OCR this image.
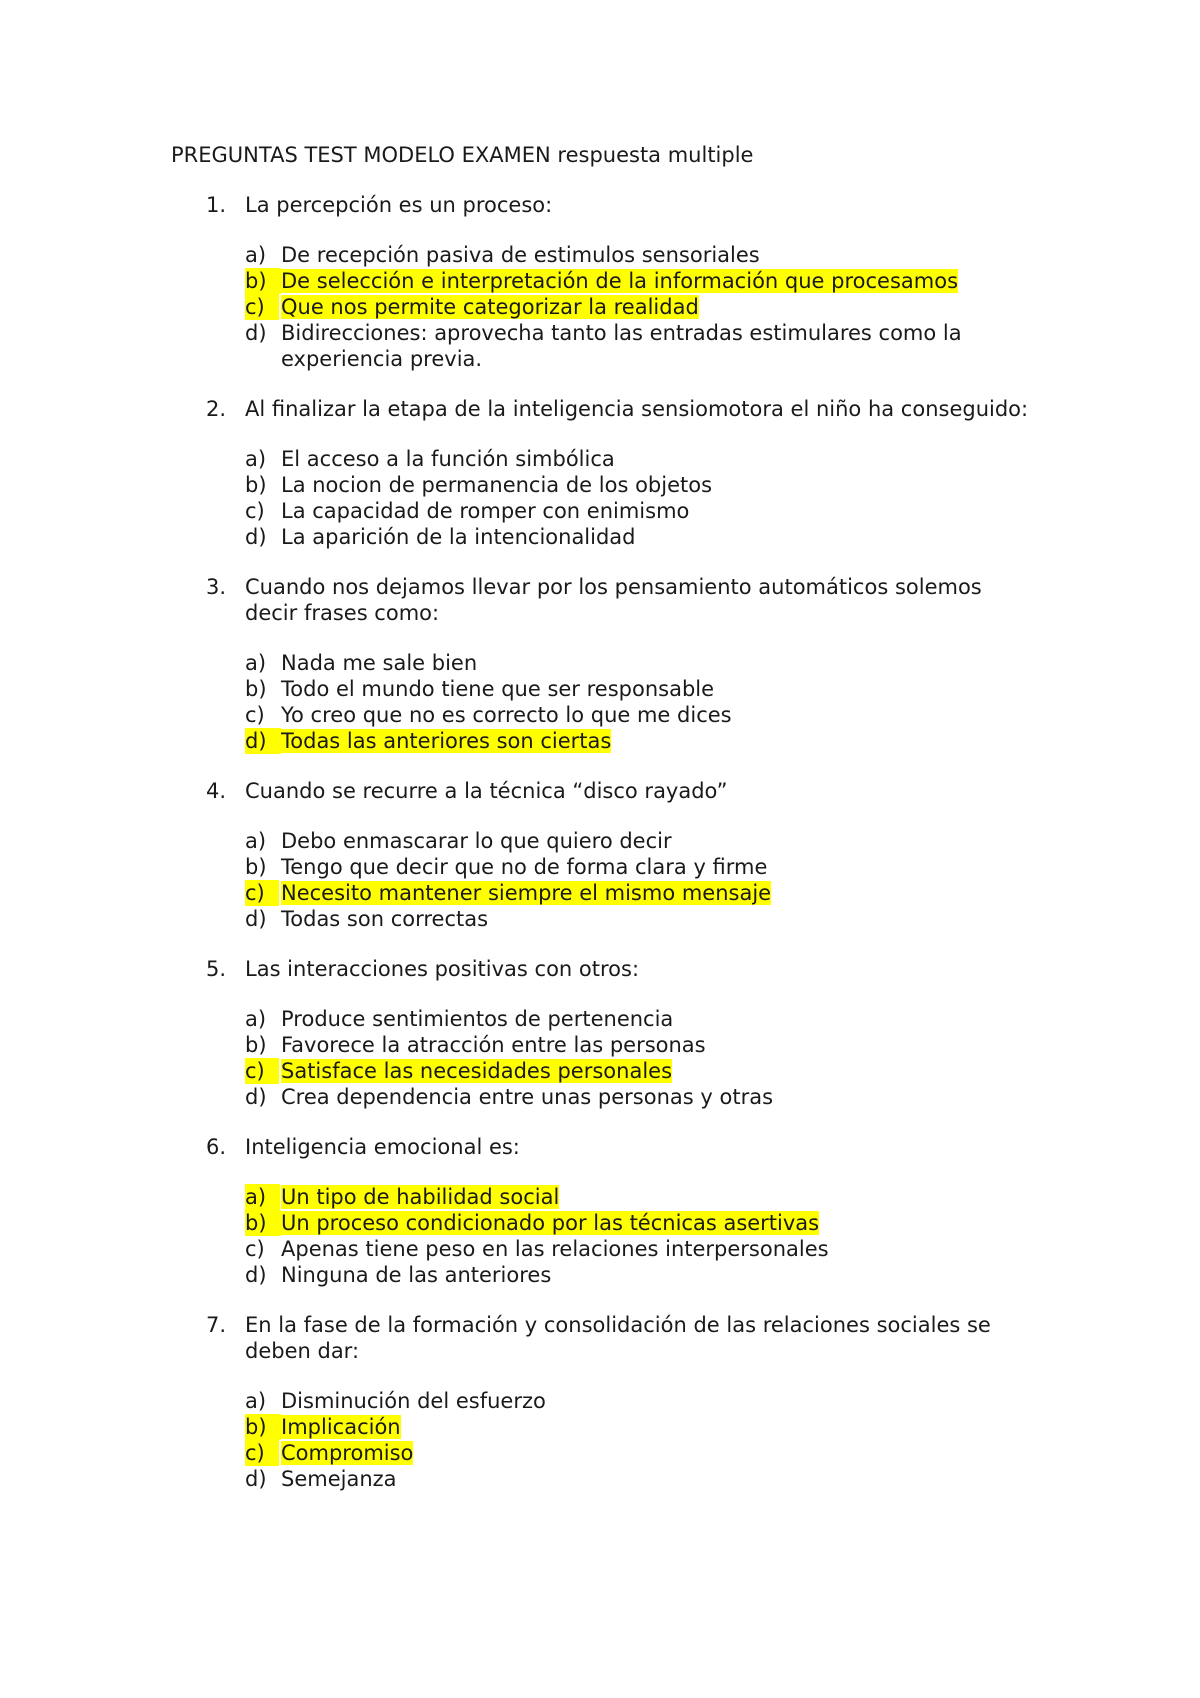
PREGUNTAS TEST MODELO EXAMEN respuesta multiple
1. La percepción es un proceso:
a) De recepción pasiva de estimulos sensoriales
b) De selección e interpretación de la información que procesamos
c) Que nos permite categorizar la realidad
d) Bidirecciones: aprovecha tanto las entradas estimulares como la experiencia previa.
2. Al finalizar la etapa de la inteligencia sensiomotora el niño ha conseguido:
a) El acceso a la función simbólica
b) La nocion de permanencia de los objetos
c) La capacidad de romper con enimismo
d) La aparición de la intencionalidad
3. Cuando nos dejamos llevar por los pensamiento automáticos solemos decir frases como:
a) Nada me sale bien
b) Todo el mundo tiene que ser responsable
c) Yo creo que no es correcto lo que me dices
d) Todas las anteriores son ciertas
4. Cuando se recurre a la técnica “disco rayado”
a) Debo enmascarar lo que quiero decir
b) Tengo que decir que no de forma clara y firme
c) Necesito mantener siempre el mismo mensaje
d) Todas son correctas
5. Las interacciones positivas con otros:
a) Produce sentimientos de pertenencia
b) Favorece la atracción entre las personas
c) Satisface las necesidades personales
d) Crea dependencia entre unas personas y otras
6. Inteligencia emocional es:
a) Un tipo de habilidad social
b) Un proceso condicionado por las técnicas asertivas
c) Apenas tiene peso en las relaciones interpersonales
d) Ninguna de las anteriores
7. En la fase de la formación y consolidación de las relaciones sociales se deben dar:
a) Disminución del esfuerzo
b) Implicación
c) Compromiso
d) Semejanza
